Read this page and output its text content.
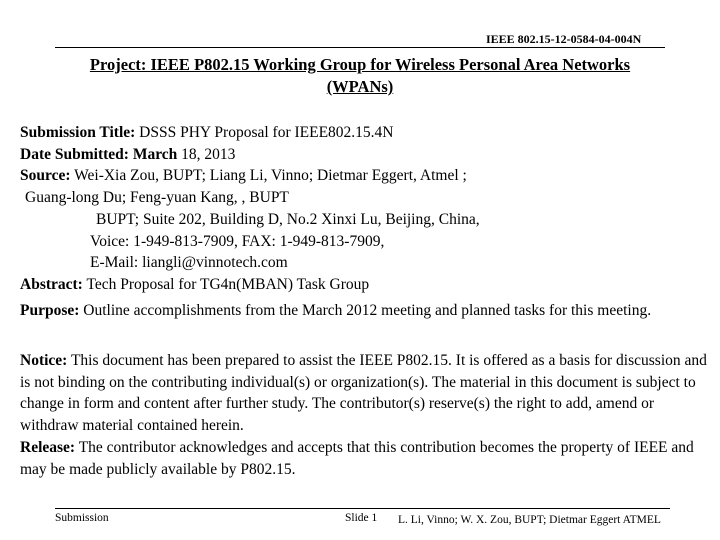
IEEE 802.15-12-0584-04-004N
Project: IEEE P802.15 Working Group for Wireless Personal Area Networks
(WPANs)
Submission Title: DSSS PHY Proposal for IEEE802.15.4N
Date Submitted: March 18, 2013
Source: Wei-Xia Zou, BUPT; Liang Li, Vinno; Dietmar Eggert, Atmel ;
Guang-long Du; Feng-yuan Kang, , BUPT
BUPT; Suite 202, Building D, No.2 Xinxi Lu, Beijing, China,
Voice: 1-949-813-7909, FAX: 1-949-813-7909,
E-Mail: liangli@vinnotech.com
Abstract: Tech Proposal for TG4n(MBAN) Task Group
Purpose: Outline accomplishments from the March 2012 meeting and planned tasks for this meeting.
Notice: This document has been prepared to assist the IEEE P802.15. It is offered as a basis for discussion and is not binding on the contributing individual(s) or organization(s). The material in this document is subject to change in form and content after further study. The contributor(s) reserve(s) the right to add, amend or withdraw material contained herein.
Release: The contributor acknowledges and accepts that this contribution becomes the property of IEEE and may be made publicly available by P802.15.
Submission	Slide 1 L. Li, Vinno; W. X. Zou, BUPT; Dietmar Eggert ATMEL
